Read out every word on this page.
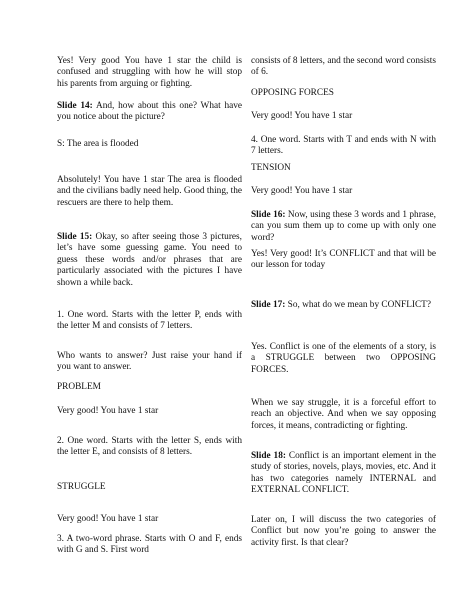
Yes! Very good You have 1 star the child is confused and struggling with how he will stop his parents from arguing or fighting.

Slide 14: And, how about this one? What have you notice about the picture?

S: The area is flooded

Absolutely! You have 1 star The area is flooded and the civilians badly need help. Good thing, the rescuers are there to help them.

Slide 15: Okay, so after seeing those 3 pictures, let’s have some guessing game. You need to guess these words and/or phrases that are particularly associated with the pictures I have shown a while back.

1. One word. Starts with the letter P, ends with the letter M and consists of 7 letters.

Who wants to answer? Just raise your hand if you want to answer.

PROBLEM

Very good! You have 1 star

2. One word. Starts with the letter S, ends with the letter E, and consists of 8 letters.

STRUGGLE

Very good! You have 1 star

3. A two-word phrase. Starts with O and F, ends with G and S. First word

consists of 8 letters, and the second word consists of 6.

OPPOSING FORCES

Very good! You have 1 star

4. One word. Starts with T and ends with N with 7 letters.

TENSION

Very good! You have 1 star

Slide 16: Now, using these 3 words and 1 phrase, can you sum them up to come up with only one word?

Yes! Very good! It’s CONFLICT and that will be our lesson for today

Slide 17: So, what do we mean by CONFLICT?

Yes. Conflict is one of the elements of a story, is a STRUGGLE between two OPPOSING FORCES.

When we say struggle, it is a forceful effort to reach an objective. And when we say opposing forces, it means, contradicting or fighting.

Slide 18: Conflict is an important element in the study of stories, novels, plays, movies, etc. And it has two categories namely INTERNAL and EXTERNAL CONFLICT.

Later on, I will discuss the two categories of Conflict but now you’re going to answer the activity first. Is that clear?
